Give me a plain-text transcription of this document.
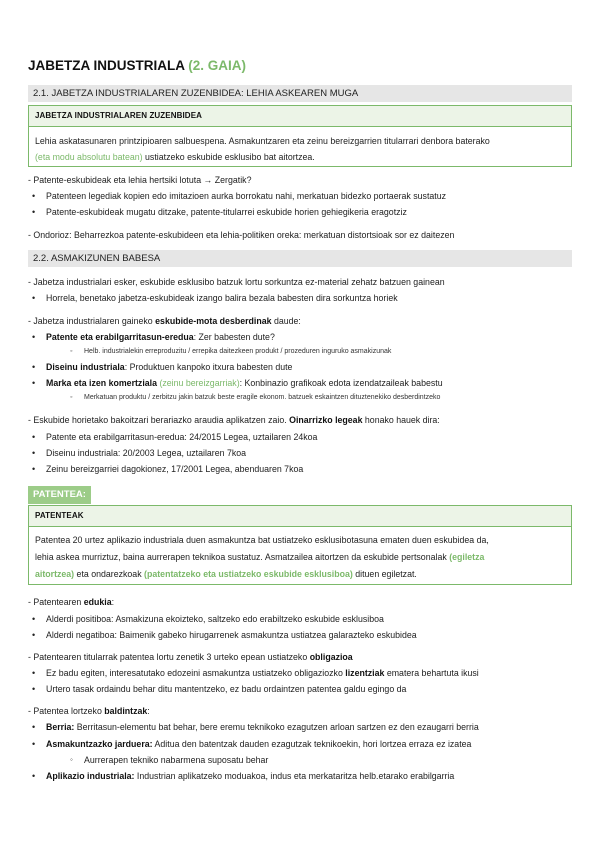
JABETZA INDUSTRIALA (2. GAIA)
2.1. JABETZA INDUSTRIALAREN ZUZENBIDEA: LEHIA ASKEAREN MUGA
JABETZA INDUSTRIALAREN ZUZENBIDEA
Lehia askatasunaren printzipioaren salbuespena. Asmakuntzaren eta zeinu bereizgarrien titularrari denbora baterako
(eta modu absolutu batean) ustiatzeko eskubide esklusibo bat aitortzea.
- Patente-eskubideak eta lehia hertsiki lotuta → Zergatik?
• Patenteen legediak kopien edo imitazioen aurka borrokatu nahi, merkatuan bidezko portaerak sustatuz
• Patente-eskubideak mugatu ditzake, patente-titularrei eskubide horien gehiegikeria eragotziz
- Ondorioz: Beharrezkoa patente-eskubideen eta lehia-politiken oreka: merkatuan distortsioak sor ez daitezen
2.2. ASMAKIZUNEN BABESA
- Jabetza industrialari esker, eskubide esklusibo batzuk lortu sorkuntza ez-material zehatz batzuen gainean
• Horrela, benetako jabetza-eskubideak izango balira bezala babesten dira sorkuntza horiek
- Jabetza industrialaren gaineko eskubide-mota desberdinak daude:
• Patente eta erabilgarritasun-eredua: Zer babesten dute?
◦ Helb. industrialekin erreproduzitu / errepika daitezkeen produkt / prozeduren inguruko asmakizunak
• Diseinu industriala: Produktuen kanpoko itxura babesten dute
• Marka eta izen komertziala (zeinu bereizgarriak): Konbinazio grafikoak edota izendatzaileak babestu
◦ Merkatuan produktu / zerbitzu jakin batzuk beste eragile ekonom. batzuek eskaintzen dituztenekiko desberdintzeko
- Eskubide horietako bakoitzari berariazko araudia aplikatzen zaio. Oinarrizko legeak honako hauek dira:
• Patente eta erabilgarritasun-eredua: 24/2015 Legea, uztailaren 24koa
• Diseinu industriala: 20/2003 Legea, uztailaren 7koa
• Zeinu bereizgarriei dagokionez, 17/2001 Legea, abenduaren 7koa
PATENTEA:
PATENTEAK
Patentea 20 urtez aplikazio industriala duen asmakuntza bat ustiatzeko esklusibotasuna ematen duen eskubidea da,
lehia askea murriztuz, baina aurrerapen teknikoa sustatuz. Asmatzailea aitortzen da eskubide pertsonalak (egiletza
aitortzea) eta ondarezkoak (patentatzeko eta ustiatzeko eskubide esklusiboa) dituen egiletzat.
- Patentearen edukia:
• Alderdi positiboa: Asmakizuna ekoizteko, saltzeko edo erabiltzeko eskubide esklusiboa
• Alderdi negatiboa: Baimenik gabeko hirugarrenek asmakuntza ustiatzea galarazteko eskubidea
- Patentearen titularrak patentea lortu zenetik 3 urteko epean ustiatzeko obligazioa
• Ez badu egiten, interesatutako edozeini asmakuntza ustiatzeko obligaziozko lizentziak ematera behartuta ikusi
• Urtero tasak ordaindu behar ditu mantentzeko, ez badu ordaintzen patentea galdu egingo da
- Patentea lortzeko baldintzak:
• Berria: Berritasun-elementu bat behar, bere eremu teknikoko ezagutzen arloan sartzen ez den ezaugarri berria
• Asmakuntzazko jarduera: Aditua den batentzak dauden ezagutzak teknikoekin, hori lortzea erraza ez izatea
◦ Aurrerapen tekniko nabarmena suposatu behar
• Aplikazio industriala: Industrian aplikatzeko moduakoa, indus eta merkataritza helb.etarako erabilgarria
